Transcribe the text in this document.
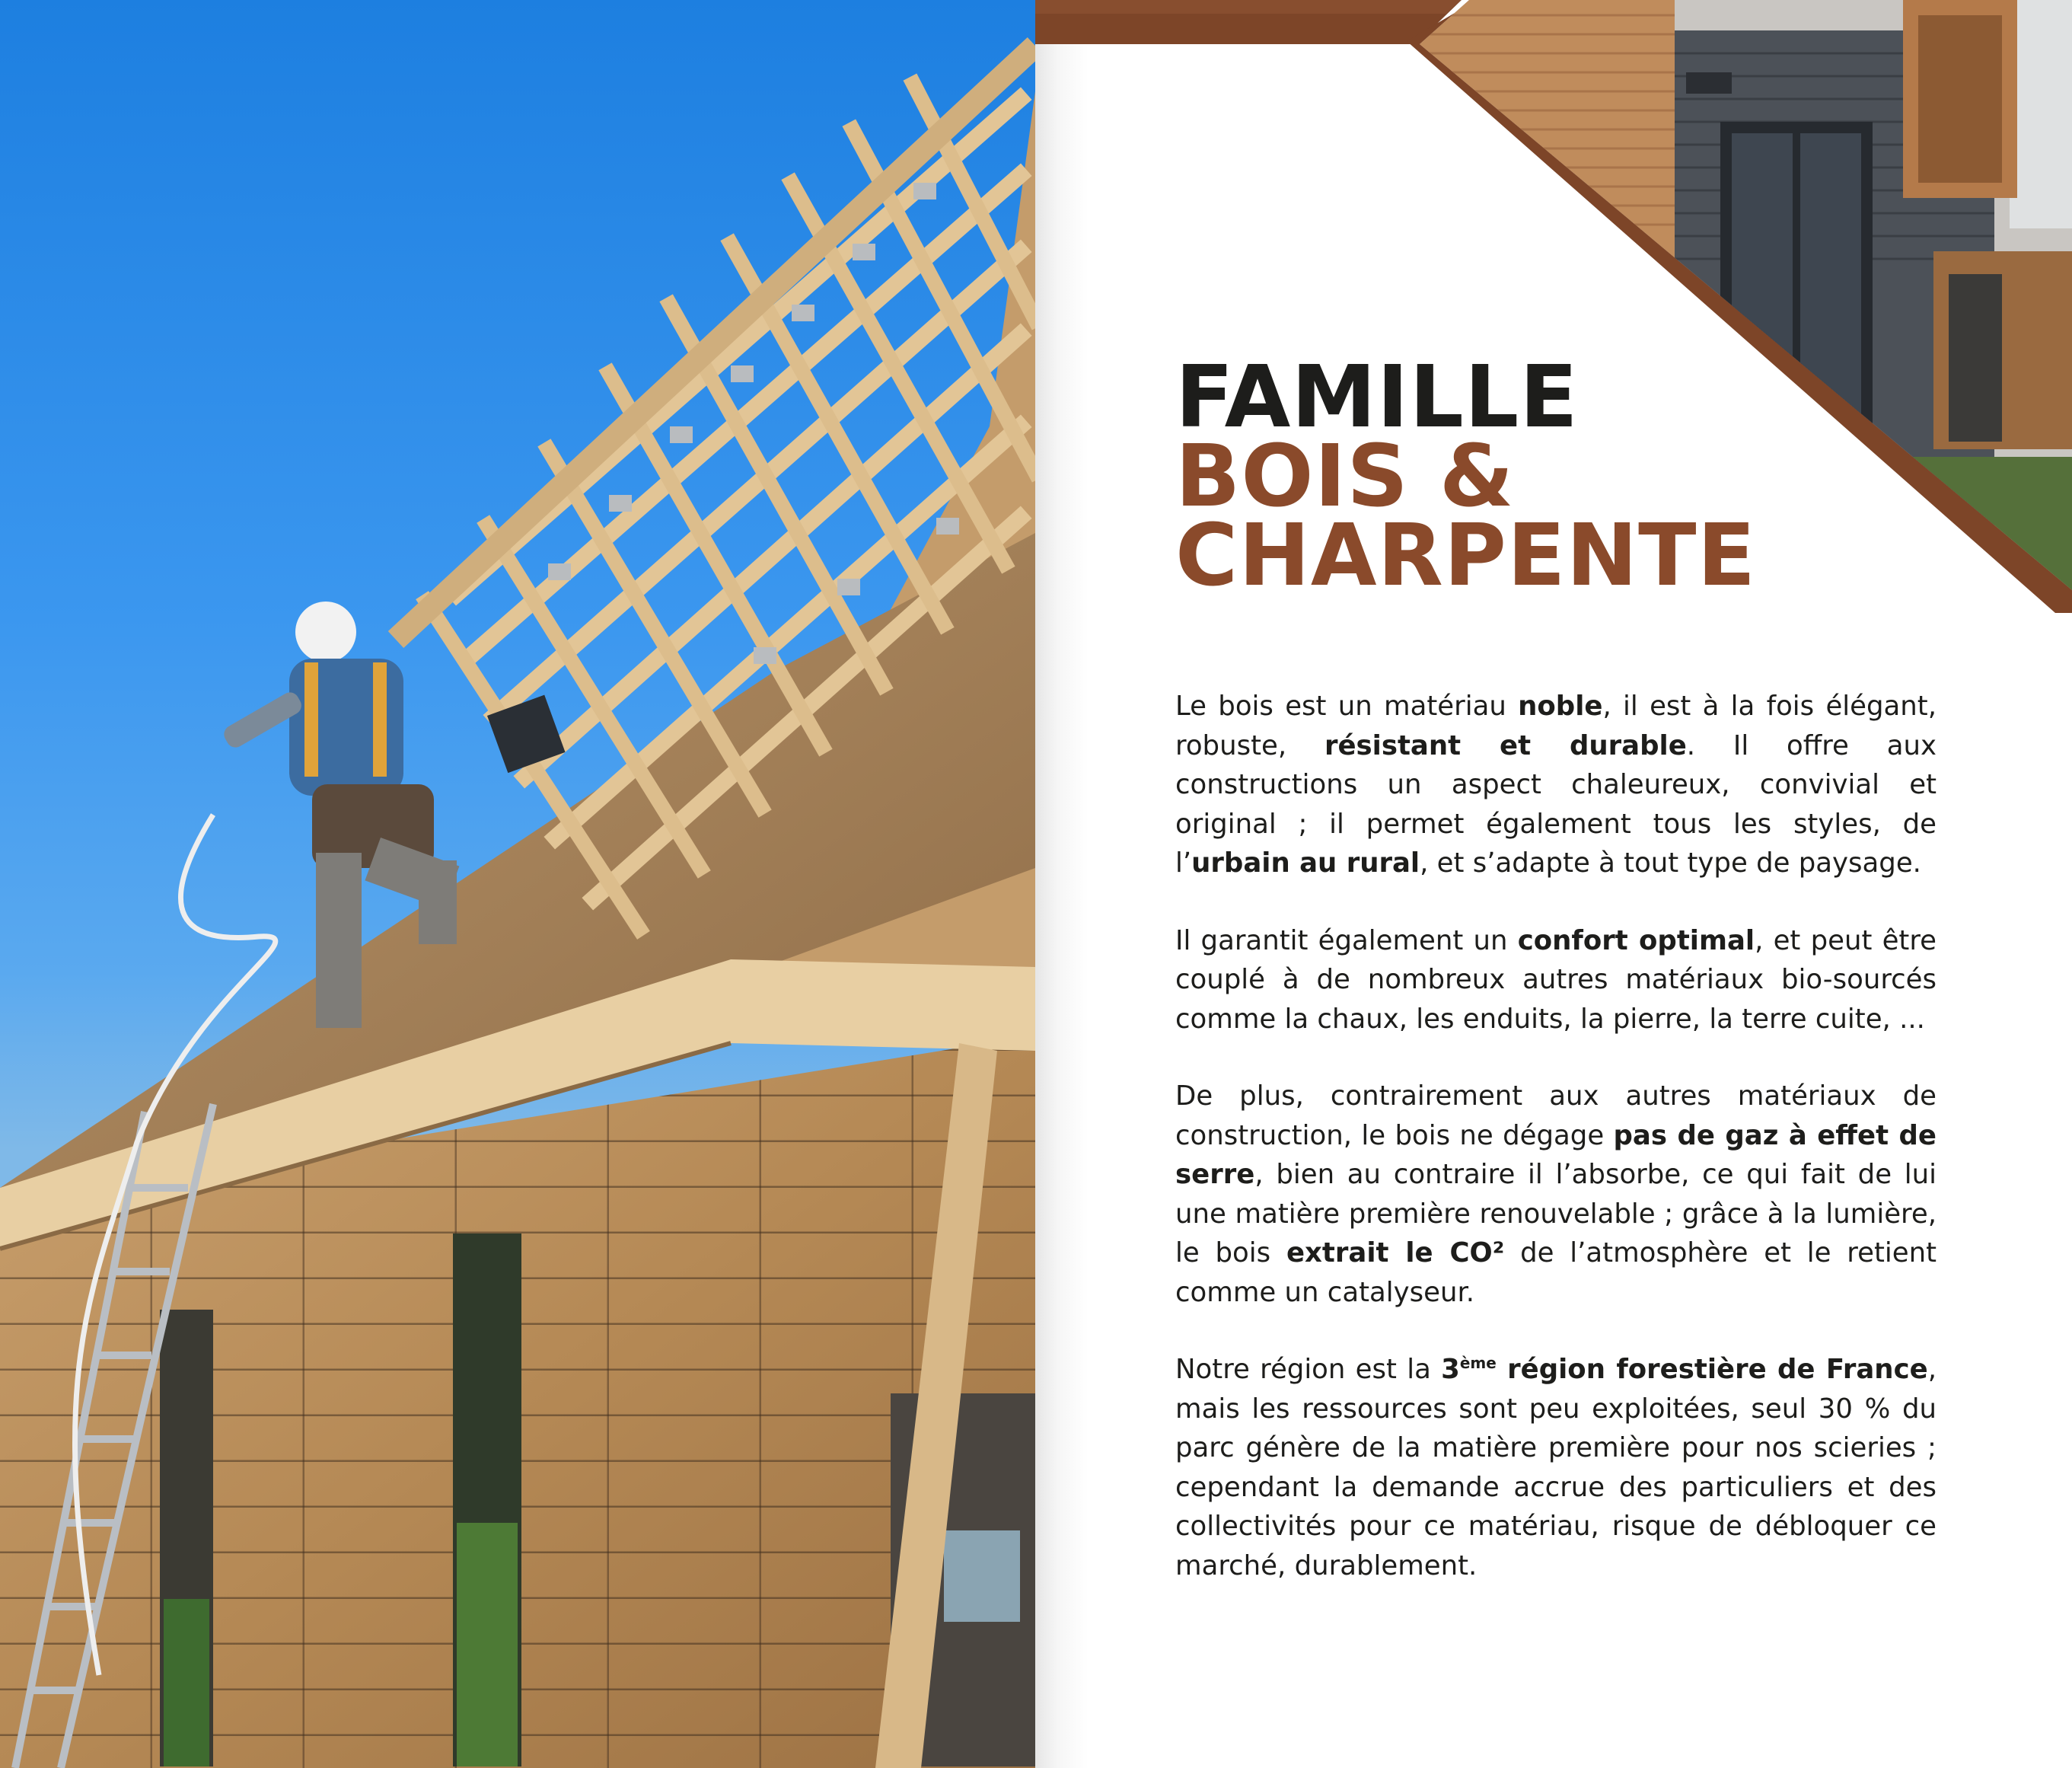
FAMILLE
BOIS &
CHARPENTE

Le bois est un matériau noble, il est à la fois élégant, robuste, résistant et durable. Il offre aux constructions un aspect chaleureux, convivial et original ; il permet également tous les styles, de l’urbain au rural, et s’adapte à tout type de paysage.

Il garantit également un confort optimal, et peut être couplé à de nombreux autres matériaux bio-sourcés comme la chaux, les enduits, la pierre, la terre cuite, ...

De plus, contrairement aux autres matériaux de construction, le bois ne dégage pas de gaz à effet de serre, bien au contraire il l’absorbe, ce qui fait de lui une matière première renouvelable ; grâce à la lumière, le bois extrait le CO² de l’atmosphère et le retient comme un catalyseur.

Notre région est la 3ème région forestière de France, mais les ressources sont peu exploitées, seul 30 % du parc génère de la matière première pour nos scieries ; cependant la demande accrue des particuliers et des collectivités pour ce matériau, risque de débloquer ce marché, durablement.
